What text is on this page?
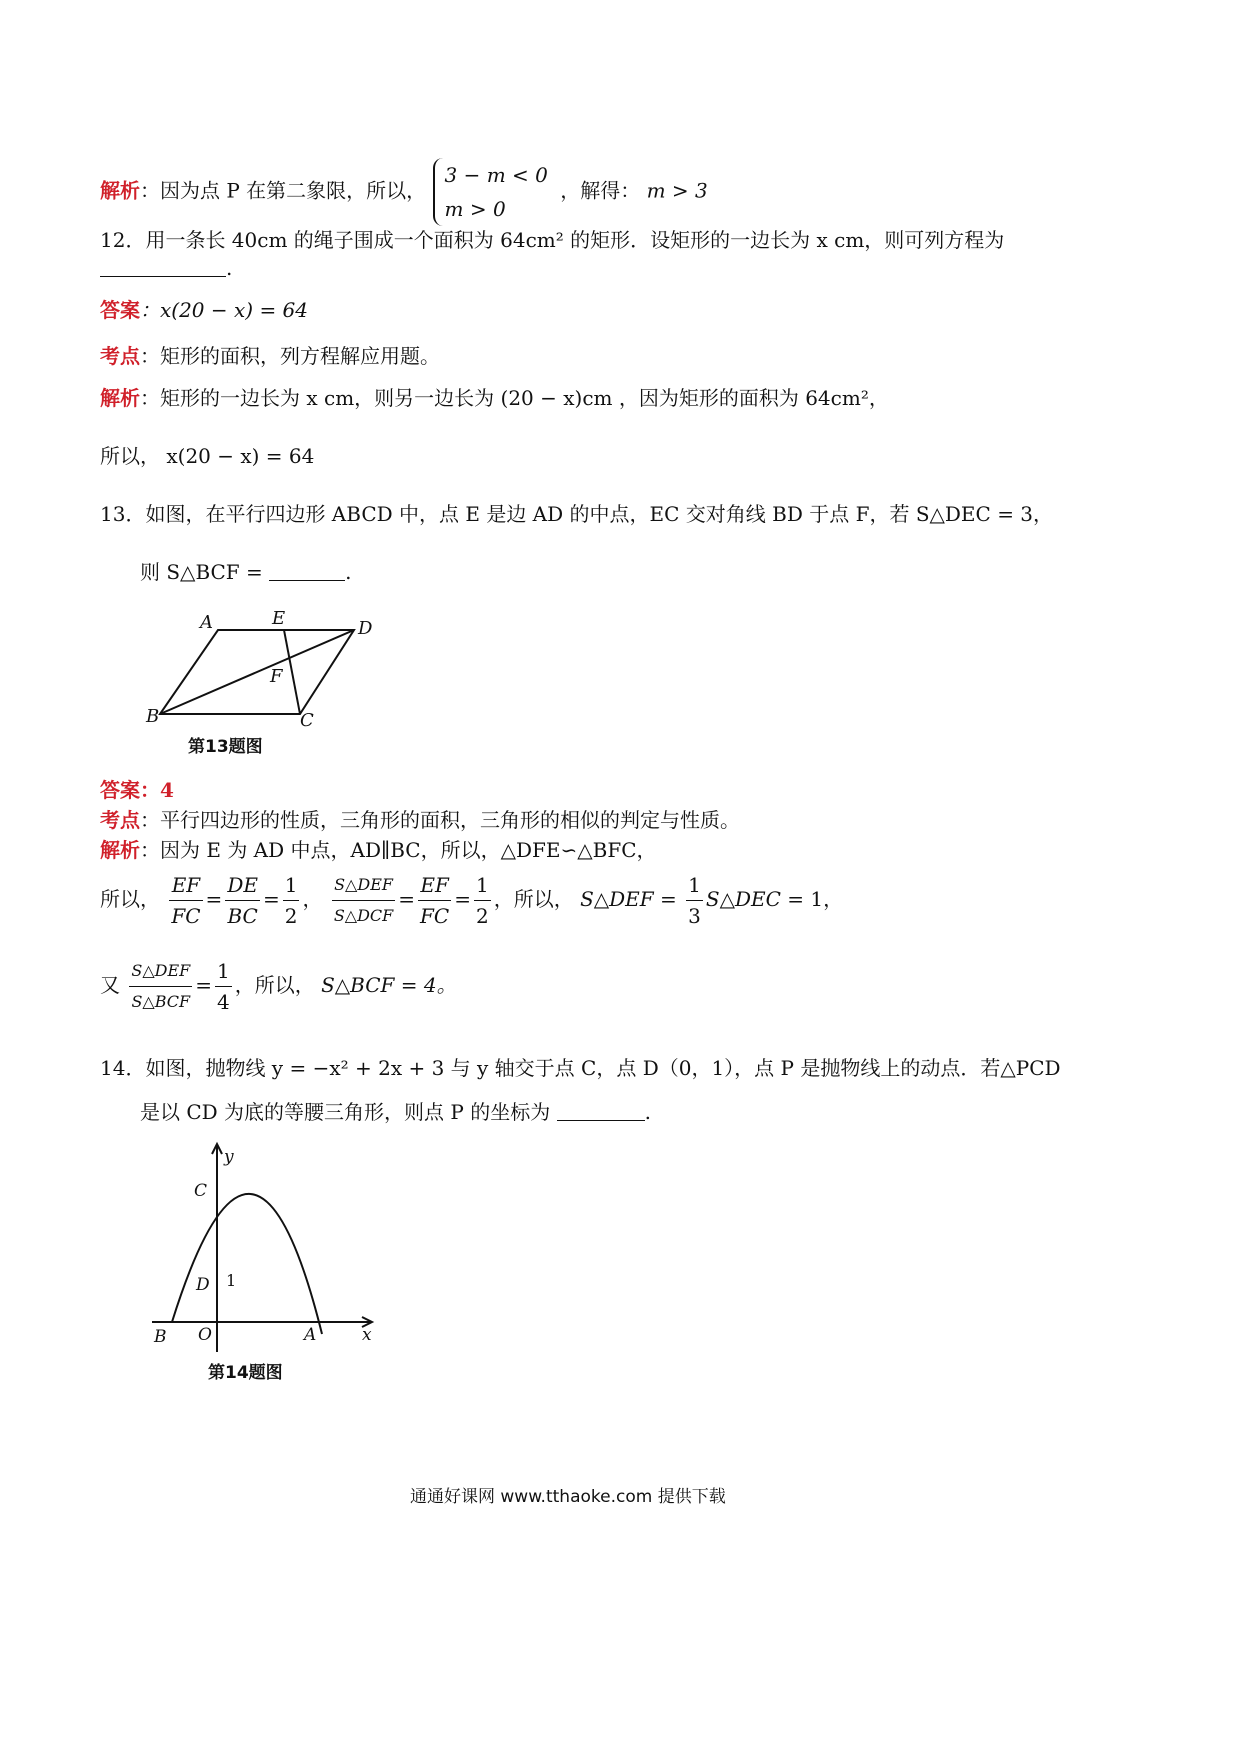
解析：因为点 P 在第二象限，所以，
3 − m < 0
m > 0
，解得： m > 3
12．用一条长 40cm 的绳子围成一个面积为 64cm² 的矩形．设矩形的一边长为 x cm，则可列方程为
.
答案：x(20 − x) = 64
考点：矩形的面积，列方程解应用题。
解析：矩形的一边长为 x cm，则另一边长为 (20 − x)cm ，因为矩形的面积为 64cm²，
所以， x(20 − x) = 64
13．如图，在平行四边形 ABCD 中，点 E 是边 AD 的中点，EC 交对角线 BD 于点 F，若 S△DEC = 3，
则 S△BCF =	.
A	E	D
F
B	C
第13题图
答案：4
考点：平行四边形的性质，三角形的面积，三角形的相似的判定与性质。
解析：因为 E 为 AD 中点，AD∥BC，所以，△DFE∽△BFC，
所以， $\frac{EF}{FC} = \frac{DE}{BC} = \frac{1}{2}$ ， $\frac{\text{S△DEF}}{\text{S△DCF}} = \frac{EF}{FC} = \frac{1}{2}$ ，所以， S△DEF = $\frac{1}{3}$ S△DEC = 1，
又 $\frac{\text{S△DEF}}{\text{S△BCF}} = \frac{1}{4}$ ，所以， S△BCF = 4。
14．如图，抛物线 y = −x² + 2x + 3 与 y 轴交于点 C，点 D（0，1），点 P 是抛物线上的动点．若△PCD
是以 CD 为底的等腰三角形，则点 P 的坐标为	.
y
C
D
B O	A	x
1
第14题图
通通好课网 www.tthaoke.com 提供下载
